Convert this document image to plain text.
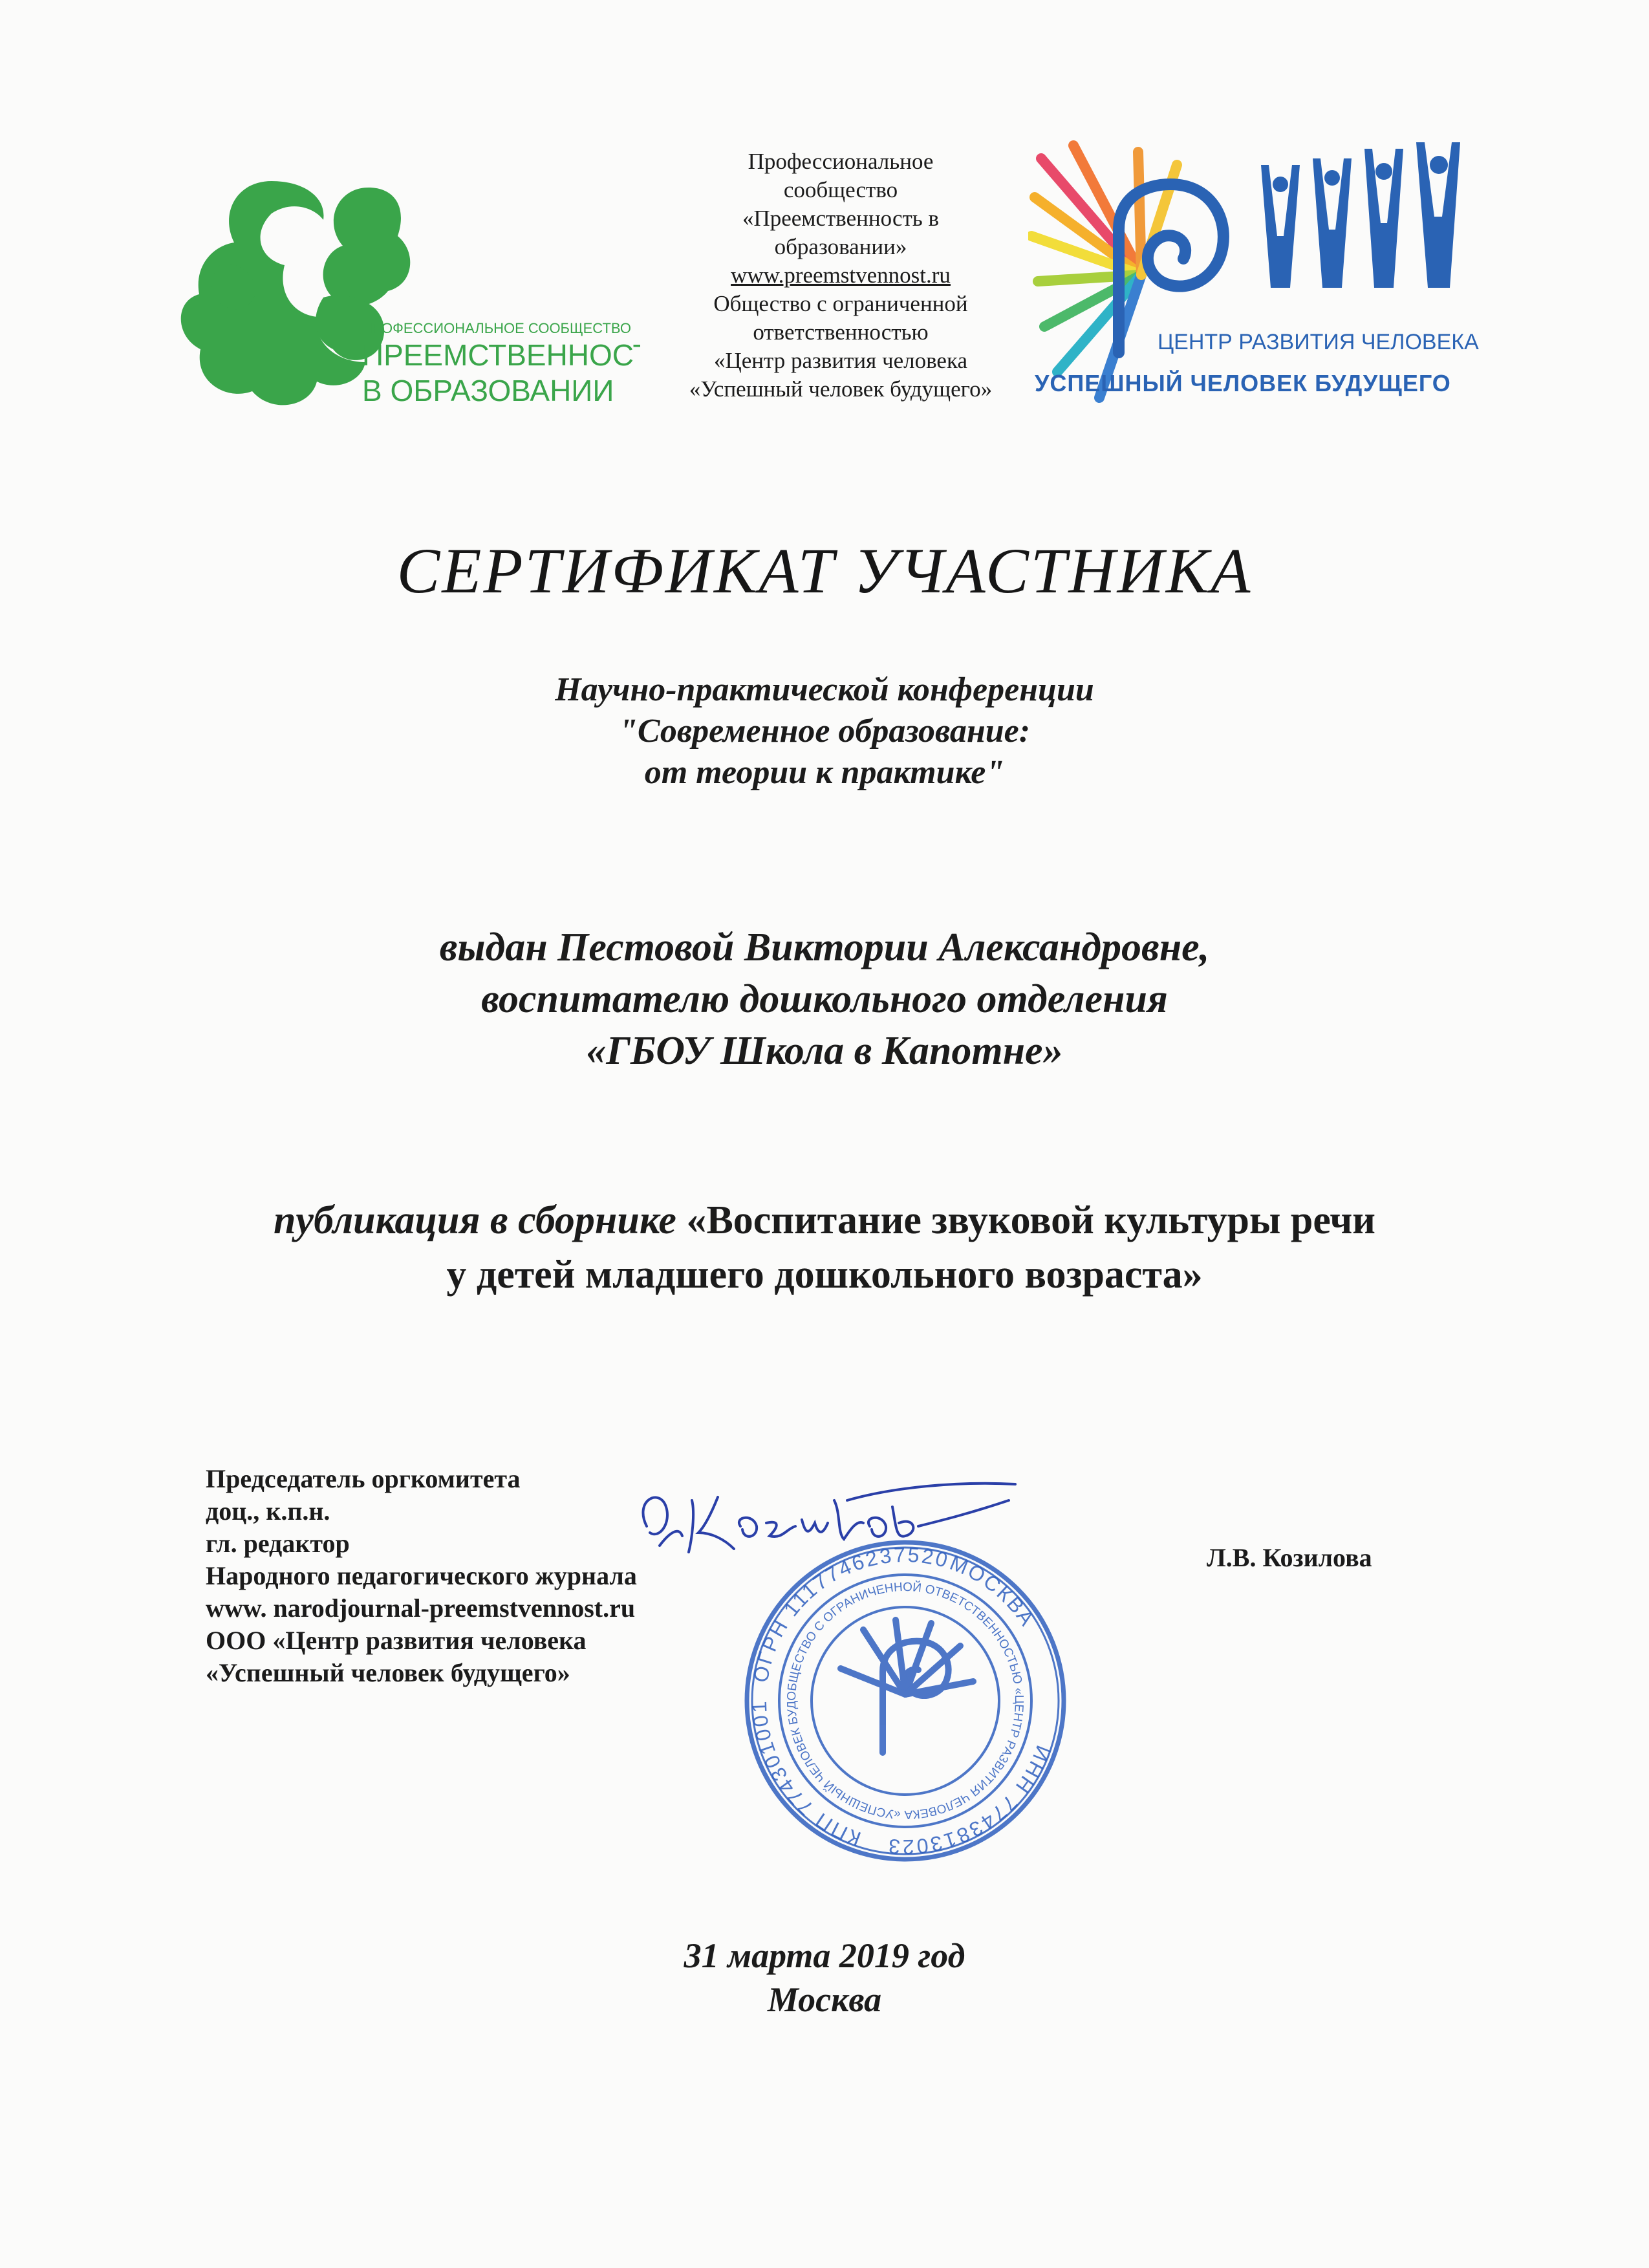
ПРОФЕССИОНАЛЬНОЕ СООБЩЕСТВО
ПРЕЕМСТВЕННОСТЬ
В ОБРАЗОВАНИИ
Профессиональное
сообщество
«Преемственность в
образовании»
www.preemstvennost.ru
Общество с ограниченной
ответственностью
«Центр развития человека
«Успешный человек будущего»
ЦЕНТР РАЗВИТИЯ ЧЕЛОВЕКА
УСПЕШНЫЙ ЧЕЛОВЕК БУДУЩЕГО
СЕРТИФИКАТ УЧАСТНИКА
Научно-практической конференции
"Современное образование:
от теории к практике"
выдан Пестовой Виктории Александровне,
воспитателю дошкольного отделения
«ГБОУ Школа в Капотне»
публикация в сборнике «Воспитание звуковой культуры речи
у детей младшего дошкольного возраста»
Председатель оргкомитета
доц., к.п.н.
гл. редактор
Народного педагогического журнала
www. narodjournal-preemstvennost.ru
ООО «Центр развития человека
«Успешный человек будущего»
Л.В. Козилова
ОГРН 1117746237520
МОСКВА
ИНН 7743813023
КПП 774301001
ОБЩЕСТВО С ОГРАНИЧЕННОЙ ОТВЕТСТВЕННОСТЬЮ «ЦЕНТР РАЗВИТИЯ ЧЕЛОВЕКА «УСПЕШНЫЙ ЧЕЛОВЕК БУД
31 марта 2019 год
Москва
